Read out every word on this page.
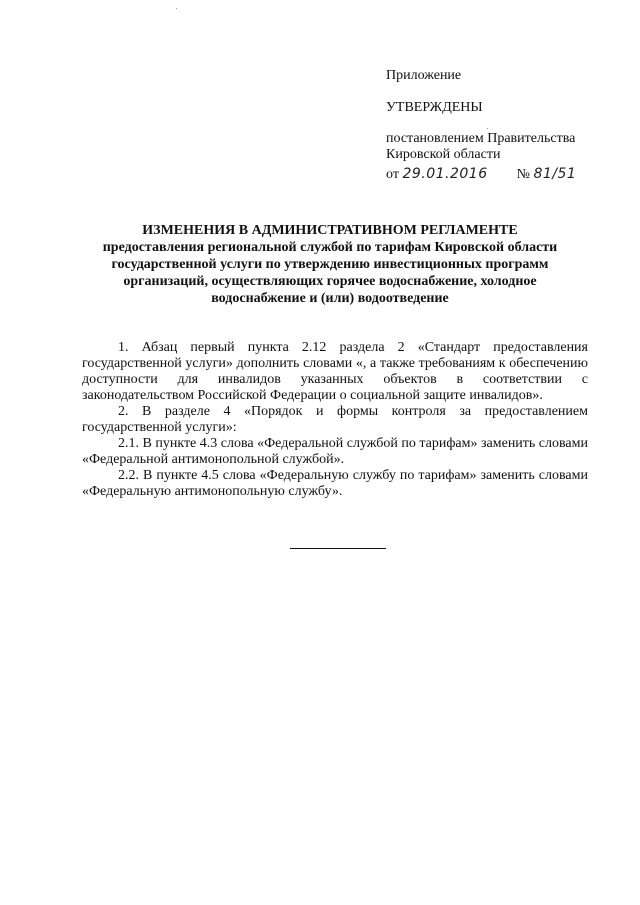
Приложение
УТВЕРЖДЕНЫ
постановлением Правительства
Кировской области
от 29.01.2016 № 81/51
ИЗМЕНЕНИЯ В АДМИНИСТРАТИВНОМ РЕГЛАМЕНТЕ
предоставления региональной службой по тарифам Кировской области государственной услуги по утверждению инвестиционных программ организаций, осуществляющих горячее водоснабжение, холодное водоснабжение и (или) водоотведение

1. Абзац первый пункта 2.12 раздела 2 «Стандарт предоставления государственной услуги» дополнить словами «, а также требованиям к обеспечению доступности для инвалидов указанных объектов в соответствии с законодательством Российской Федерации о социальной защите инвалидов».

2. В разделе 4 «Порядок и формы контроля за предоставлением государственной услуги»:

2.1. В пункте 4.3 слова «Федеральной службой по тарифам» заменить словами «Федеральной антимонопольной службой».

2.2. В пункте 4.5 слова «Федеральную службу по тарифам» заменить словами «Федеральную антимонопольную службу».
